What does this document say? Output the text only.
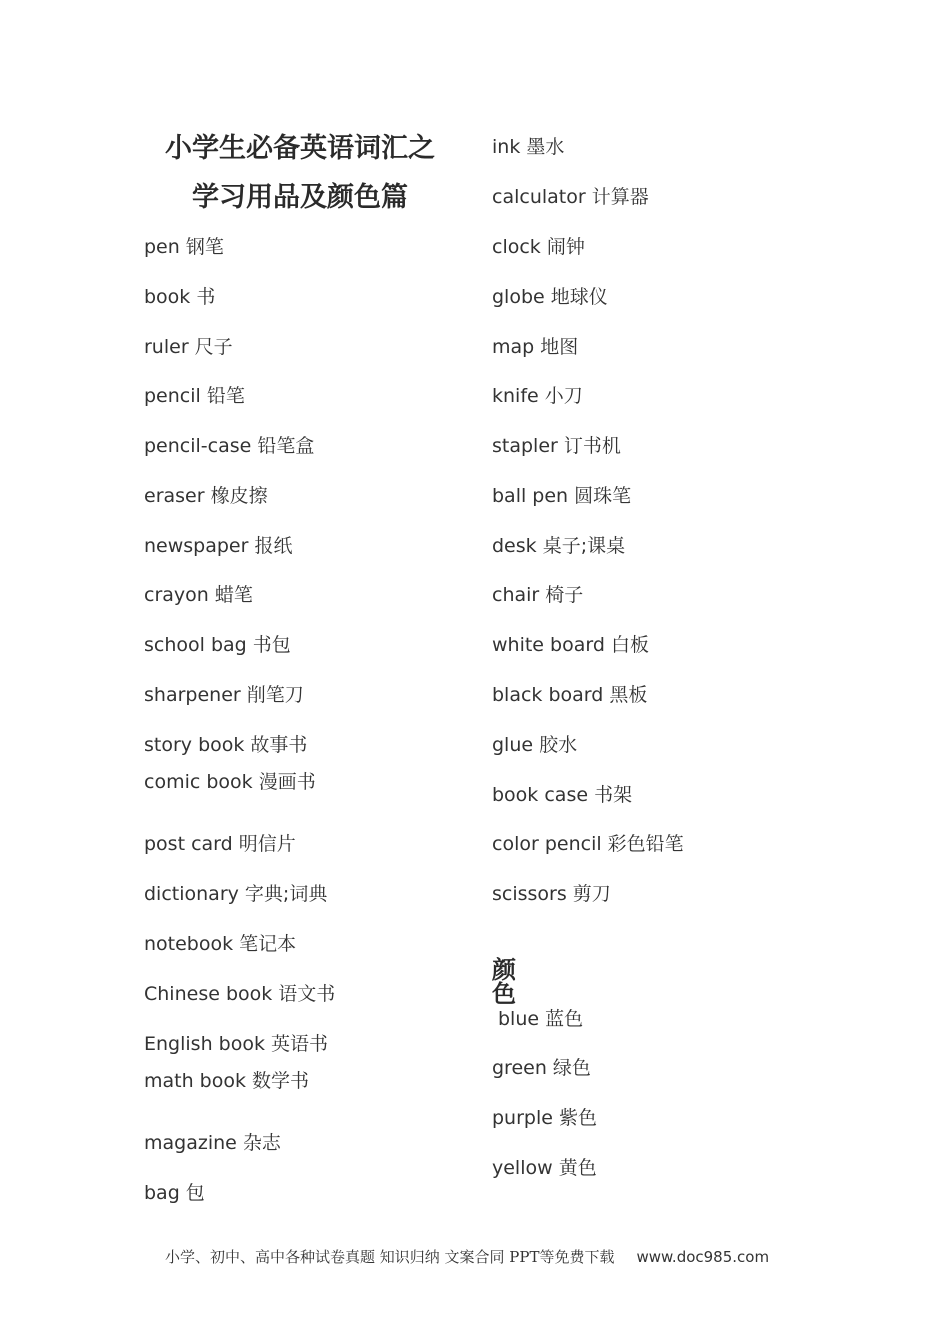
小学生必备英语词汇之
学习用品及颜色篇
pen 钢笔
book 书
ruler 尺子
pencil 铅笔
pencil-case 铅笔盒
eraser 橡皮擦
newspaper 报纸
crayon 蜡笔
school bag 书包
sharpener 削笔刀
story book 故事书
comic book 漫画书
post card 明信片
dictionary 字典;词典
notebook 笔记本
Chinese book 语文书
English book 英语书
math book 数学书
magazine 杂志
bag 包
ink 墨水
calculator 计算器
clock 闹钟
globe 地球仪
map 地图
knife 小刀
stapler 订书机
ball pen 圆珠笔
desk 桌子;课桌
chair 椅子
white board 白板
black board 黑板
glue 胶水
book case 书架
color pencil 彩色铅笔
scissors 剪刀
颜色
blue 蓝色
green 绿色
purple 紫色
yellow 黄色
小学、初中、高中各种试卷真题 知识归纳 文案合同 PPT等免费下载 www.doc985.com
